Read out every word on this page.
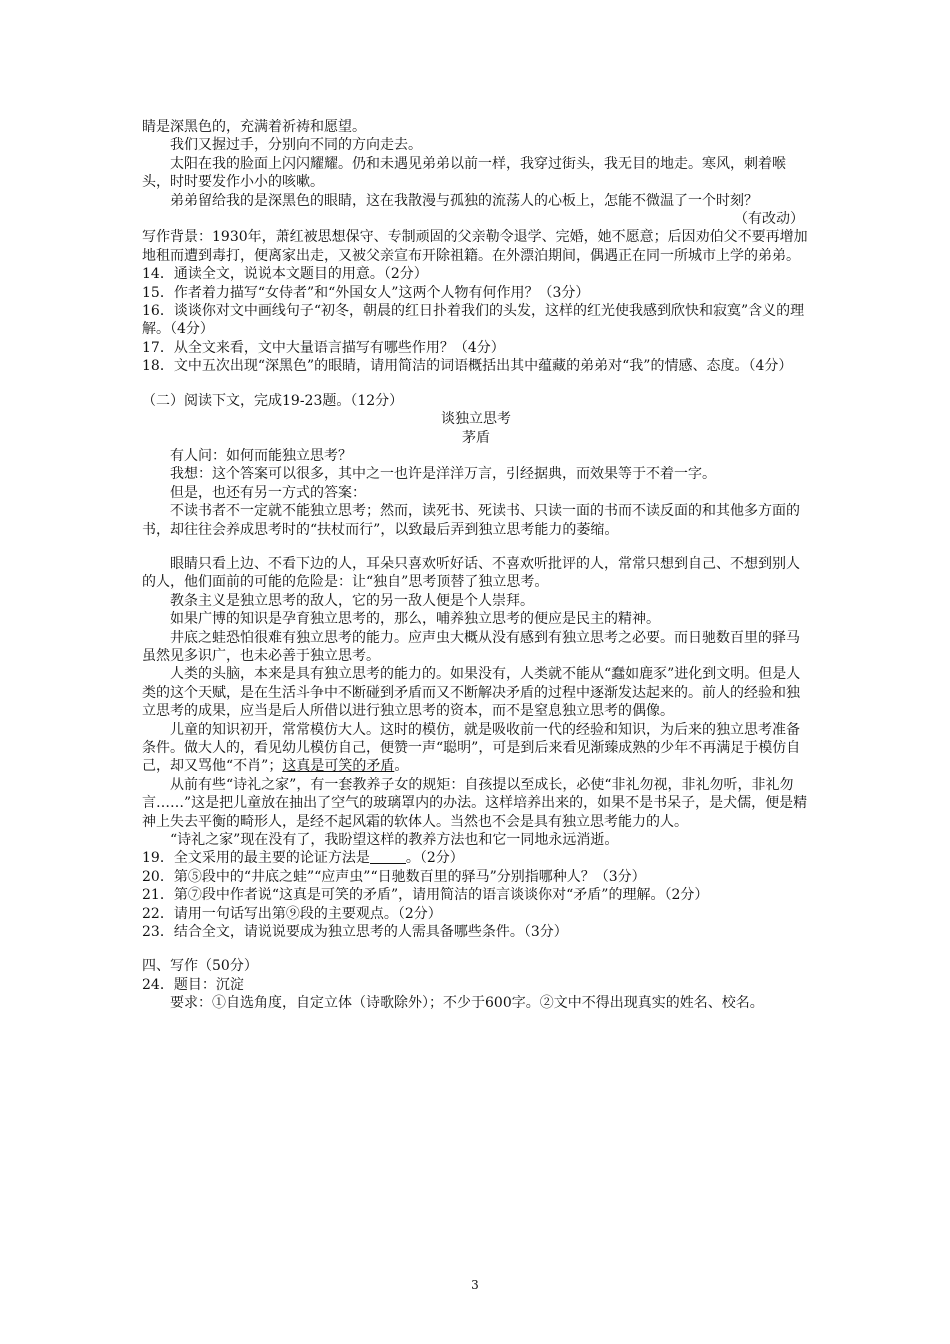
睛是深黑色的，充满着祈祷和愿望。

我们又握过手，分别向不同的方向走去。

太阳在我的脸面上闪闪耀耀。仍和未遇见弟弟以前一样，我穿过街头，我无目的地走。寒风，刺着喉头，时时要发作小小的咳嗽。

弟弟留给我的是深黑色的眼睛，这在我散漫与孤独的流荡人的心板上，怎能不微温了一个时刻？

（有改动）

写作背景：1930年，萧红被思想保守、专制顽固的父亲勒令退学、完婚，她不愿意；后因劝伯父不要再增加地租而遭到毒打，便离家出走，又被父亲宣布开除祖籍。在外漂泊期间，偶遇正在同一所城市上学的弟弟。

14．通读全文，说说本文题目的用意。（2分）

15．作者着力描写“女侍者”和“外国女人”这两个人物有何作用？（3分）

16．谈谈你对文中画线句子“初冬，朝晨的红日扑着我们的头发，这样的红光使我感到欣快和寂寞”含义的理解。（4分）

17．从全文来看，文中大量语言描写有哪些作用？（4分）

18．文中五次出现“深黑色”的眼睛，请用简洁的词语概括出其中蕴藏的弟弟对“我”的情感、态度。（4分）

（二）阅读下文，完成19-23题。（12分）

谈独立思考

茅盾

有人问：如何而能独立思考？

我想：这个答案可以很多，其中之一也许是洋洋万言，引经据典，而效果等于不着一字。

但是，也还有另一方式的答案：

不读书者不一定就不能独立思考；然而，读死书、死读书、只读一面的书而不读反面的和其他多方面的书，却往往会养成思考时的“扶杖而行”，以致最后弄到独立思考能力的萎缩。

眼睛只看上边、不看下边的人，耳朵只喜欢听好话、不喜欢听批评的人，常常只想到自己、不想到别人的人，他们面前的可能的危险是：让“独自”思考顶替了独立思考。

教条主义是独立思考的敌人，它的另一敌人便是个人崇拜。

如果广博的知识是孕育独立思考的，那么，哺养独立思考的便应是民主的精神。

井底之蛙恐怕很难有独立思考的能力。应声虫大概从没有感到有独立思考之必要。而日驰数百里的驿马虽然见多识广，也未必善于独立思考。

人类的头脑，本来是具有独立思考的能力的。如果没有，人类就不能从“蠢如鹿豕”进化到文明。但是人类的这个天赋，是在生活斗争中不断碰到矛盾而又不断解决矛盾的过程中逐渐发达起来的。前人的经验和独立思考的成果，应当是后人所借以进行独立思考的资本，而不是窒息独立思考的偶像。

儿童的知识初开，常常模仿大人。这时的模仿，就是吸收前一代的经验和知识，为后来的独立思考准备条件。做大人的，看见幼儿模仿自己，便赞一声“聪明”，可是到后来看见渐臻成熟的少年不再满足于模仿自己，却又骂他“不肖”；这真是可笑的矛盾。

从前有些“诗礼之家”，有一套教养子女的规矩：自孩提以至成长，必使“非礼勿视，非礼勿听，非礼勿言……”这是把儿童放在抽出了空气的玻璃罩内的办法。这样培养出来的，如果不是书呆子，是犬儒，便是精神上失去平衡的畸形人，是经不起风霜的软体人。当然也不会是具有独立思考能力的人。

“诗礼之家”现在没有了，我盼望这样的教养方法也和它一同地永远消逝。

19．全文采用的最主要的论证方法是	。（2分）

20．第⑤段中的“井底之蛙”“应声虫”“日驰数百里的驿马”分别指哪种人？（3分）

21．第⑦段中作者说“这真是可笑的矛盾”，请用简洁的语言谈谈你对“矛盾”的理解。（2分）

22．请用一句话写出第⑨段的主要观点。（2分）

23．结合全文，请说说要成为独立思考的人需具备哪些条件。（3分）

四、写作（50分）

24．题目：沉淀

要求：①自选角度，自定立体（诗歌除外）；不少于600字。②文中不得出现真实的姓名、校名。

3
